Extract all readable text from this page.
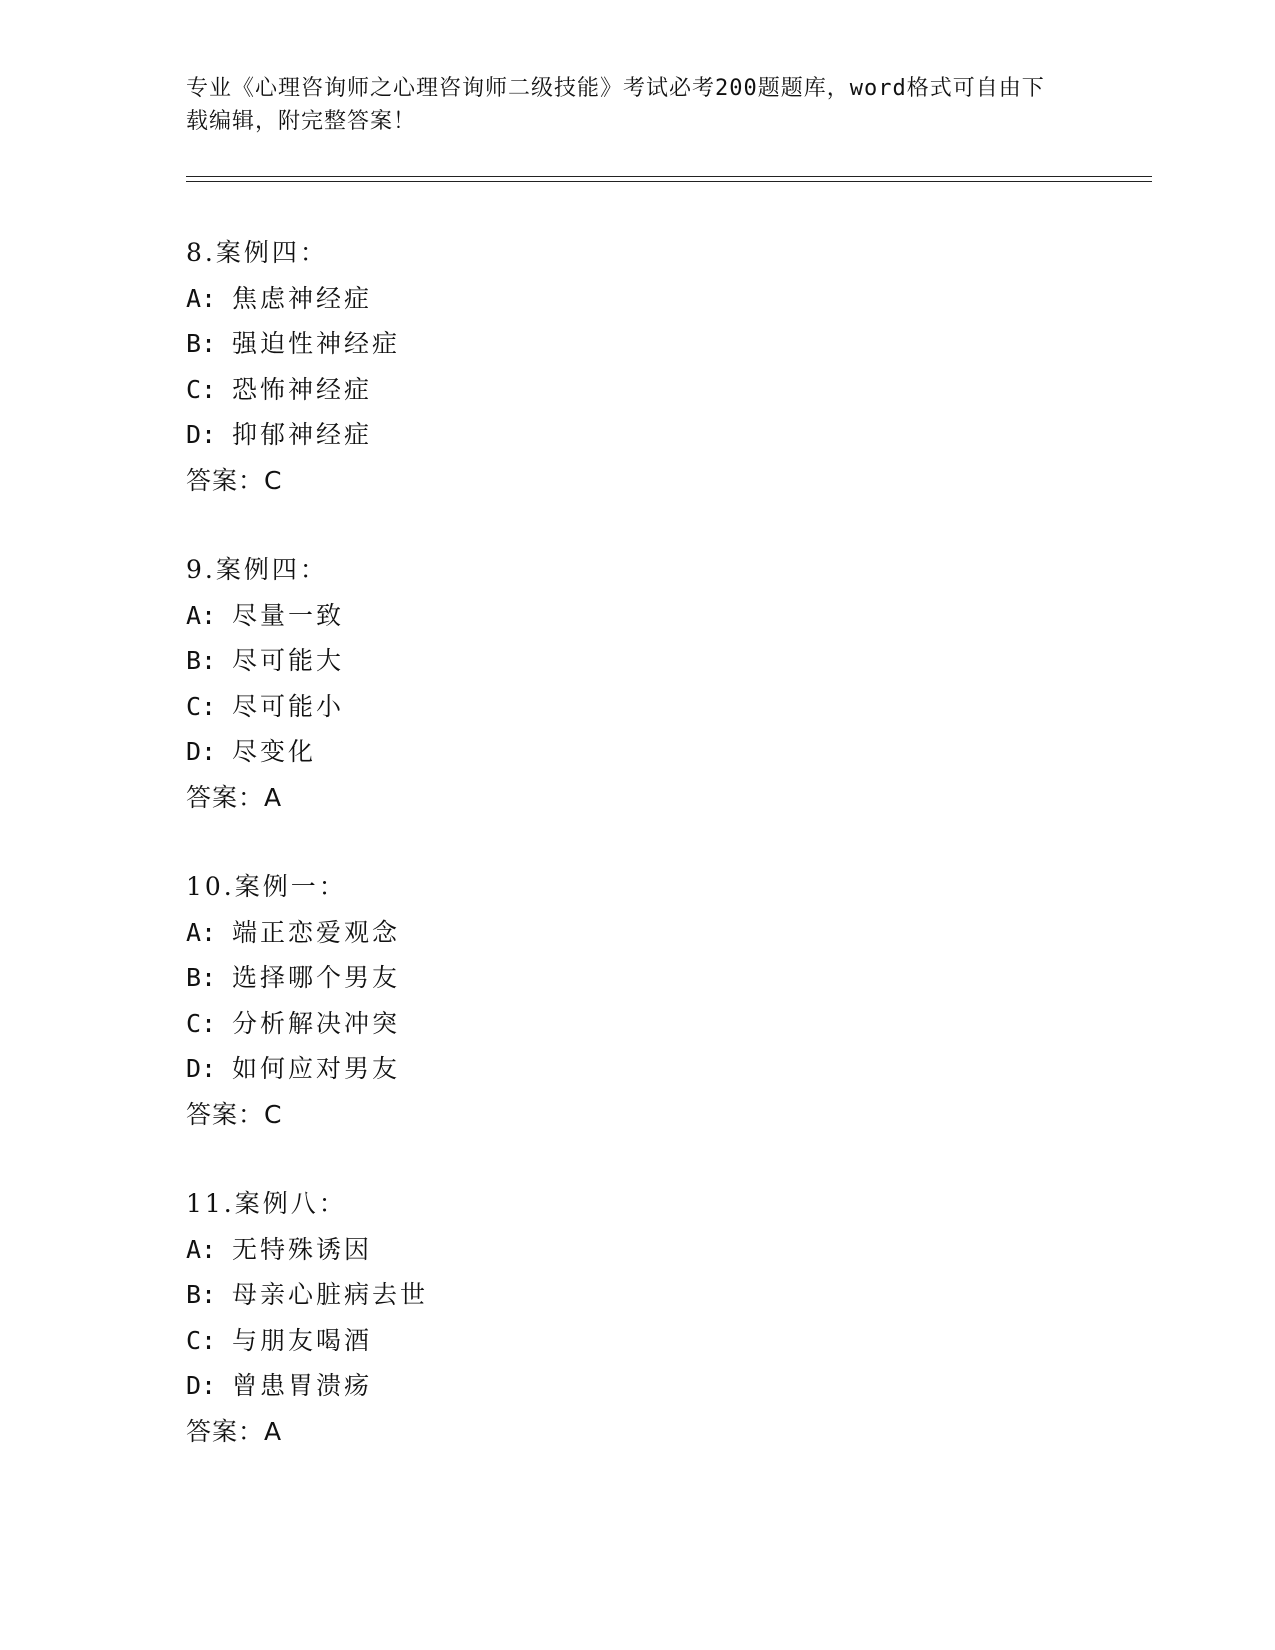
专业《心理咨询师之心理咨询师二级技能》考试必考200题题库，word格式可自由下载编辑，附完整答案！
8.案例四：
A: 焦虑神经症
B: 强迫性神经症
C: 恐怖神经症
D: 抑郁神经症
答案：C
9.案例四：
A: 尽量一致
B: 尽可能大
C: 尽可能小
D: 尽变化
答案：A
10.案例一：
A: 端正恋爱观念
B: 选择哪个男友
C: 分析解决冲突
D: 如何应对男友
答案：C
11.案例八：
A: 无特殊诱因
B: 母亲心脏病去世
C: 与朋友喝酒
D: 曾患胃溃疡
答案：A
